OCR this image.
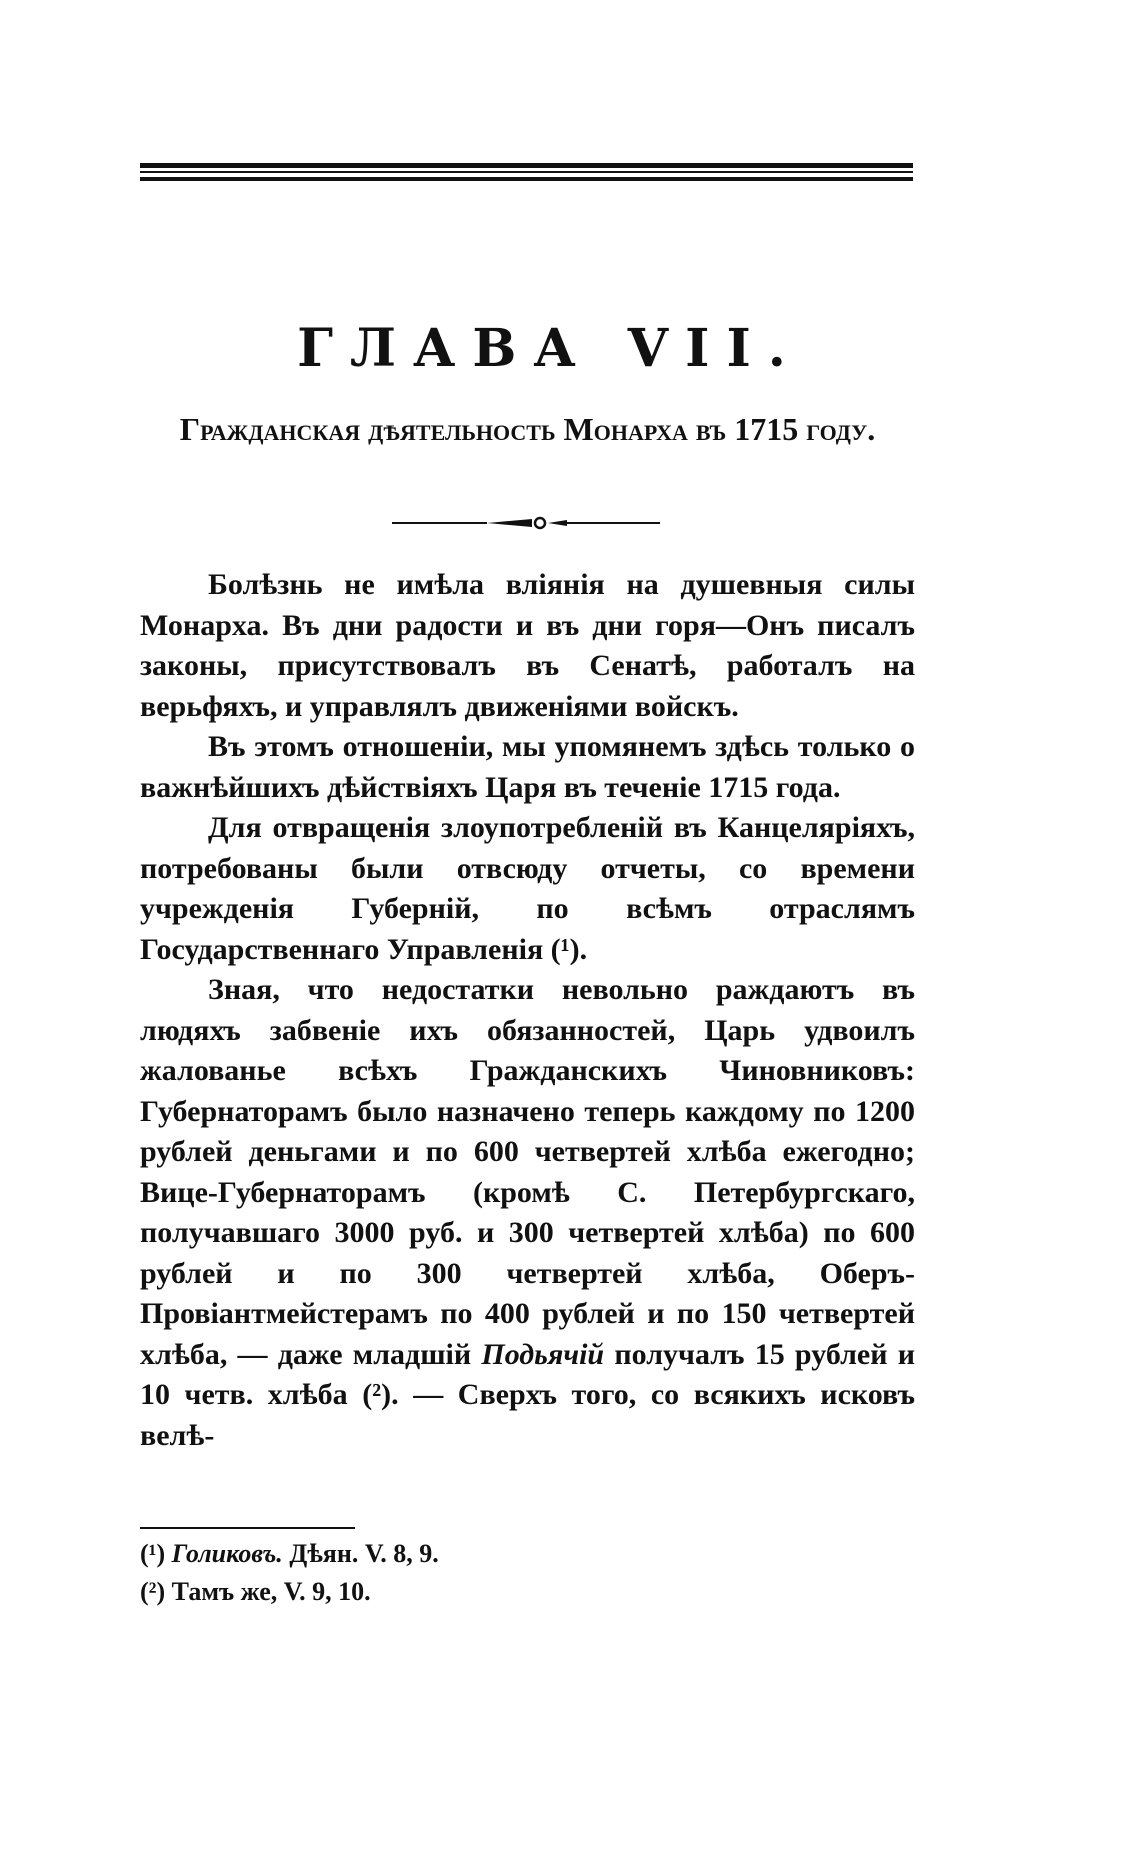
ГЛАВА VII.
Гражданская дѣятельность Монарха въ 1715 году.

Болѣзнь не имѣла вліянія на душевныя силы Монарха. Въ дни радости и въ дни горя—Онъ писалъ законы, присутствовалъ въ Сенатѣ, работалъ на верьфяхъ, и управлялъ движеніями войскъ.

Въ этомъ отношеніи, мы упомянемъ здѣсь только о важнѣйшихъ дѣйствіяхъ Царя въ теченіе 1715 года.

Для отвращенія злоупотребленій въ Канцеляріяхъ, потребованы были отвсюду отчеты, со времени учрежденія Губерній, по всѣмъ отраслямъ Государственнаго Управленія (¹).

Зная, что недостатки невольно раждаютъ въ людяхъ забвеніе ихъ обязанностей, Царь удвоилъ жалованье всѣхъ Гражданскихъ Чиновниковъ: Губернаторамъ было назначено теперь каждому по 1200 рублей деньгами и по 600 четвертей хлѣба ежегодно; Вице-Губернаторамъ (кромѣ С. Петербургскаго, получавшаго 3000 руб. и 300 четвертей хлѣба) по 600 рублей и по 300 четвертей хлѣба, Оберъ-Провіантмейстерамъ по 400 рублей и по 150 четвертей хлѣба, — даже младшій Подьячій получалъ 15 рублей и 10 четв. хлѣба (²). — Сверхъ того, со всякихъ исковъ велѣ-

(¹) Голиковъ. Дѣян. V. 8, 9.
(²) Тамъ же, V. 9, 10.
